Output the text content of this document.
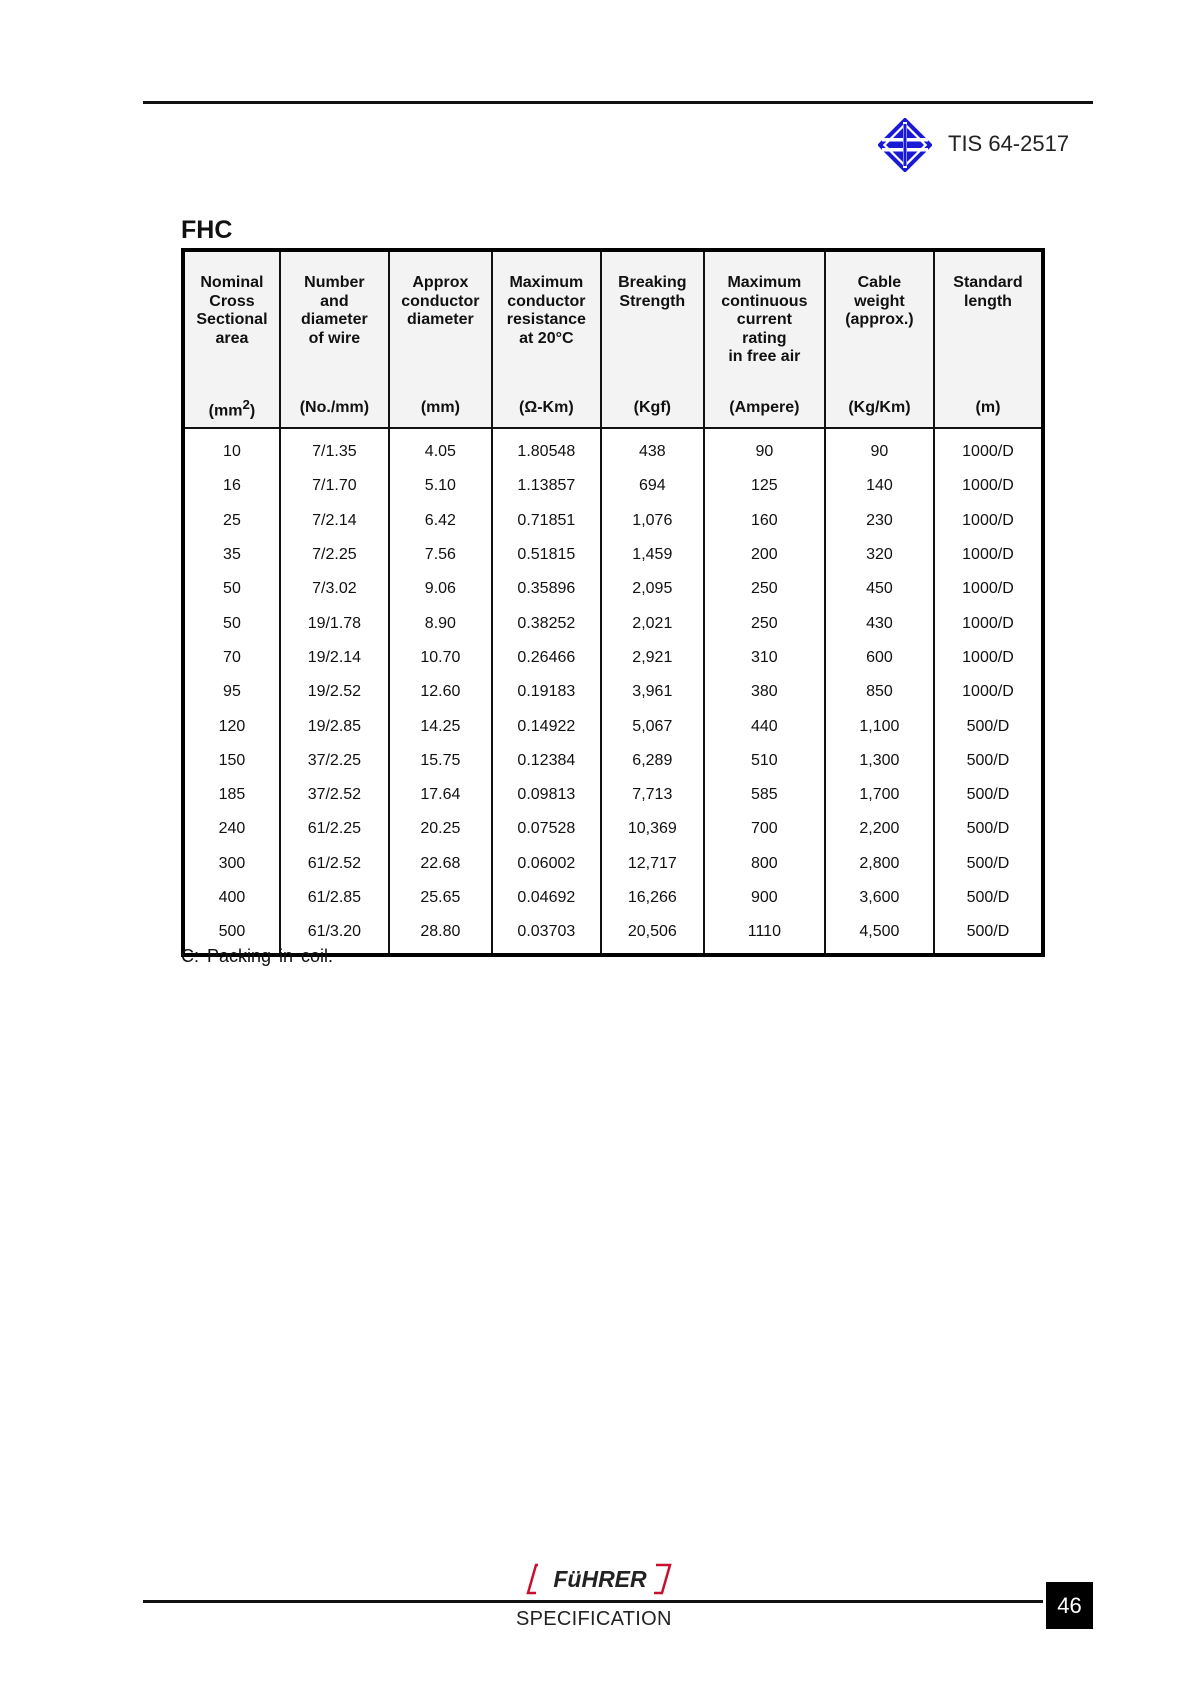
TIS 64-2517
FHC
Nominal
Cross
Sectional
area	Number
and
diameter
of wire	Approx
conductor
diameter	Maximum
conductor
resistance
at 20°C	Breaking
Strength	Maximum
continuous
current
rating
in free air	Cable
weight
(approx.)	Standard
length
$(mm^2)$	(No./mm)	(mm)	(Ω-Km)	(Kgf)	(Ampere)	(Kg/Km)	(m)
10	7/1.35	4.05	1.80548	438	90	90	1000/D
16	7/1.70	5.10	1.13857	694	125	140	1000/D
25	7/2.14	6.42	0.71851	1,076	160	230	1000/D
35	7/2.25	7.56	0.51815	1,459	200	320	1000/D
50	7/3.02	9.06	0.35896	2,095	250	450	1000/D
50	19/1.78	8.90	0.38252	2,021	250	430	1000/D
70	19/2.14	10.70	0.26466	2,921	310	600	1000/D
95	19/2.52	12.60	0.19183	3,961	380	850	1000/D
120	19/2.85	14.25	0.14922	5,067	440	1,100	500/D
150	37/2.25	15.75	0.12384	6,289	510	1,300	500/D
185	37/2.52	17.64	0.09813	7,713	585	1,700	500/D
240	61/2.25	20.25	0.07528	10,369	700	2,200	500/D
300	61/2.52	22.68	0.06002	12,717	800	2,800	500/D
400	61/2.85	25.65	0.04692	16,266	900	3,600	500/D
500	61/3.20	28.80	0.03703	20,506	1110	4,500	500/D
C: Packing in coil.
FüHRER
SPECIFICATION
46
